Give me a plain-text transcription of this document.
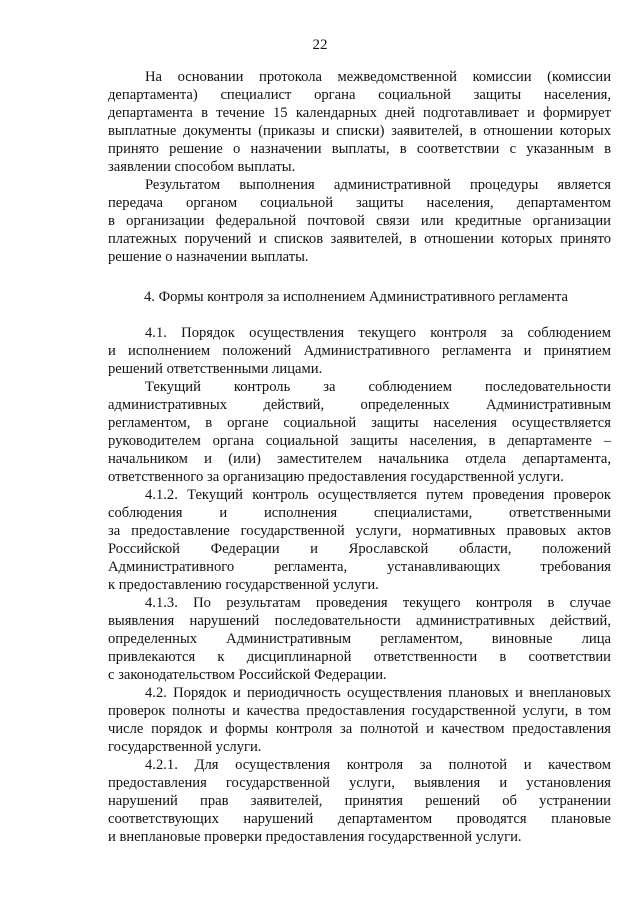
22
На основании протокола межведомственной комиссии (комиссии
департамента) специалист органа социальной защиты населения,
департамента в течение 15 календарных дней подготавливает и формирует
выплатные документы (приказы и списки) заявителей, в отношении которых
принято решение о назначении выплаты, в соответствии с указанным в
заявлении способом выплаты.
Результатом выполнения административной процедуры является
передача органом социальной защиты населения, департаментом
в организации федеральной почтовой связи или кредитные организации
платежных поручений и списков заявителей, в отношении которых принято
решение о назначении выплаты.
4. Формы контроля за исполнением Административного регламента
4.1. Порядок осуществления текущего контроля за соблюдением
и исполнением положений Административного регламента и принятием
решений ответственными лицами.
Текущий контроль за соблюдением последовательности
административных действий, определенных Административным
регламентом, в органе социальной защиты населения осуществляется
руководителем органа социальной защиты населения, в департаменте –
начальником и (или) заместителем начальника отдела департамента,
ответственного за организацию предоставления государственной услуги.
4.1.2. Текущий контроль осуществляется путем проведения проверок
соблюдения и исполнения специалистами, ответственными
за предоставление государственной услуги, нормативных правовых актов
Российской Федерации и Ярославской области, положений
Административного регламента, устанавливающих требования
к предоставлению государственной услуги.
4.1.3. По результатам проведения текущего контроля в случае
выявления нарушений последовательности административных действий,
определенных Административным регламентом, виновные лица
привлекаются к дисциплинарной ответственности в соответствии
с законодательством Российской Федерации.
4.2. Порядок и периодичность осуществления плановых и внеплановых
проверок полноты и качества предоставления государственной услуги, в том
числе порядок и формы контроля за полнотой и качеством предоставления
государственной услуги.
4.2.1. Для осуществления контроля за полнотой и качеством
предоставления государственной услуги, выявления и установления
нарушений прав заявителей, принятия решений об устранении
соответствующих нарушений департаментом проводятся плановые
и внеплановые проверки предоставления государственной услуги.
